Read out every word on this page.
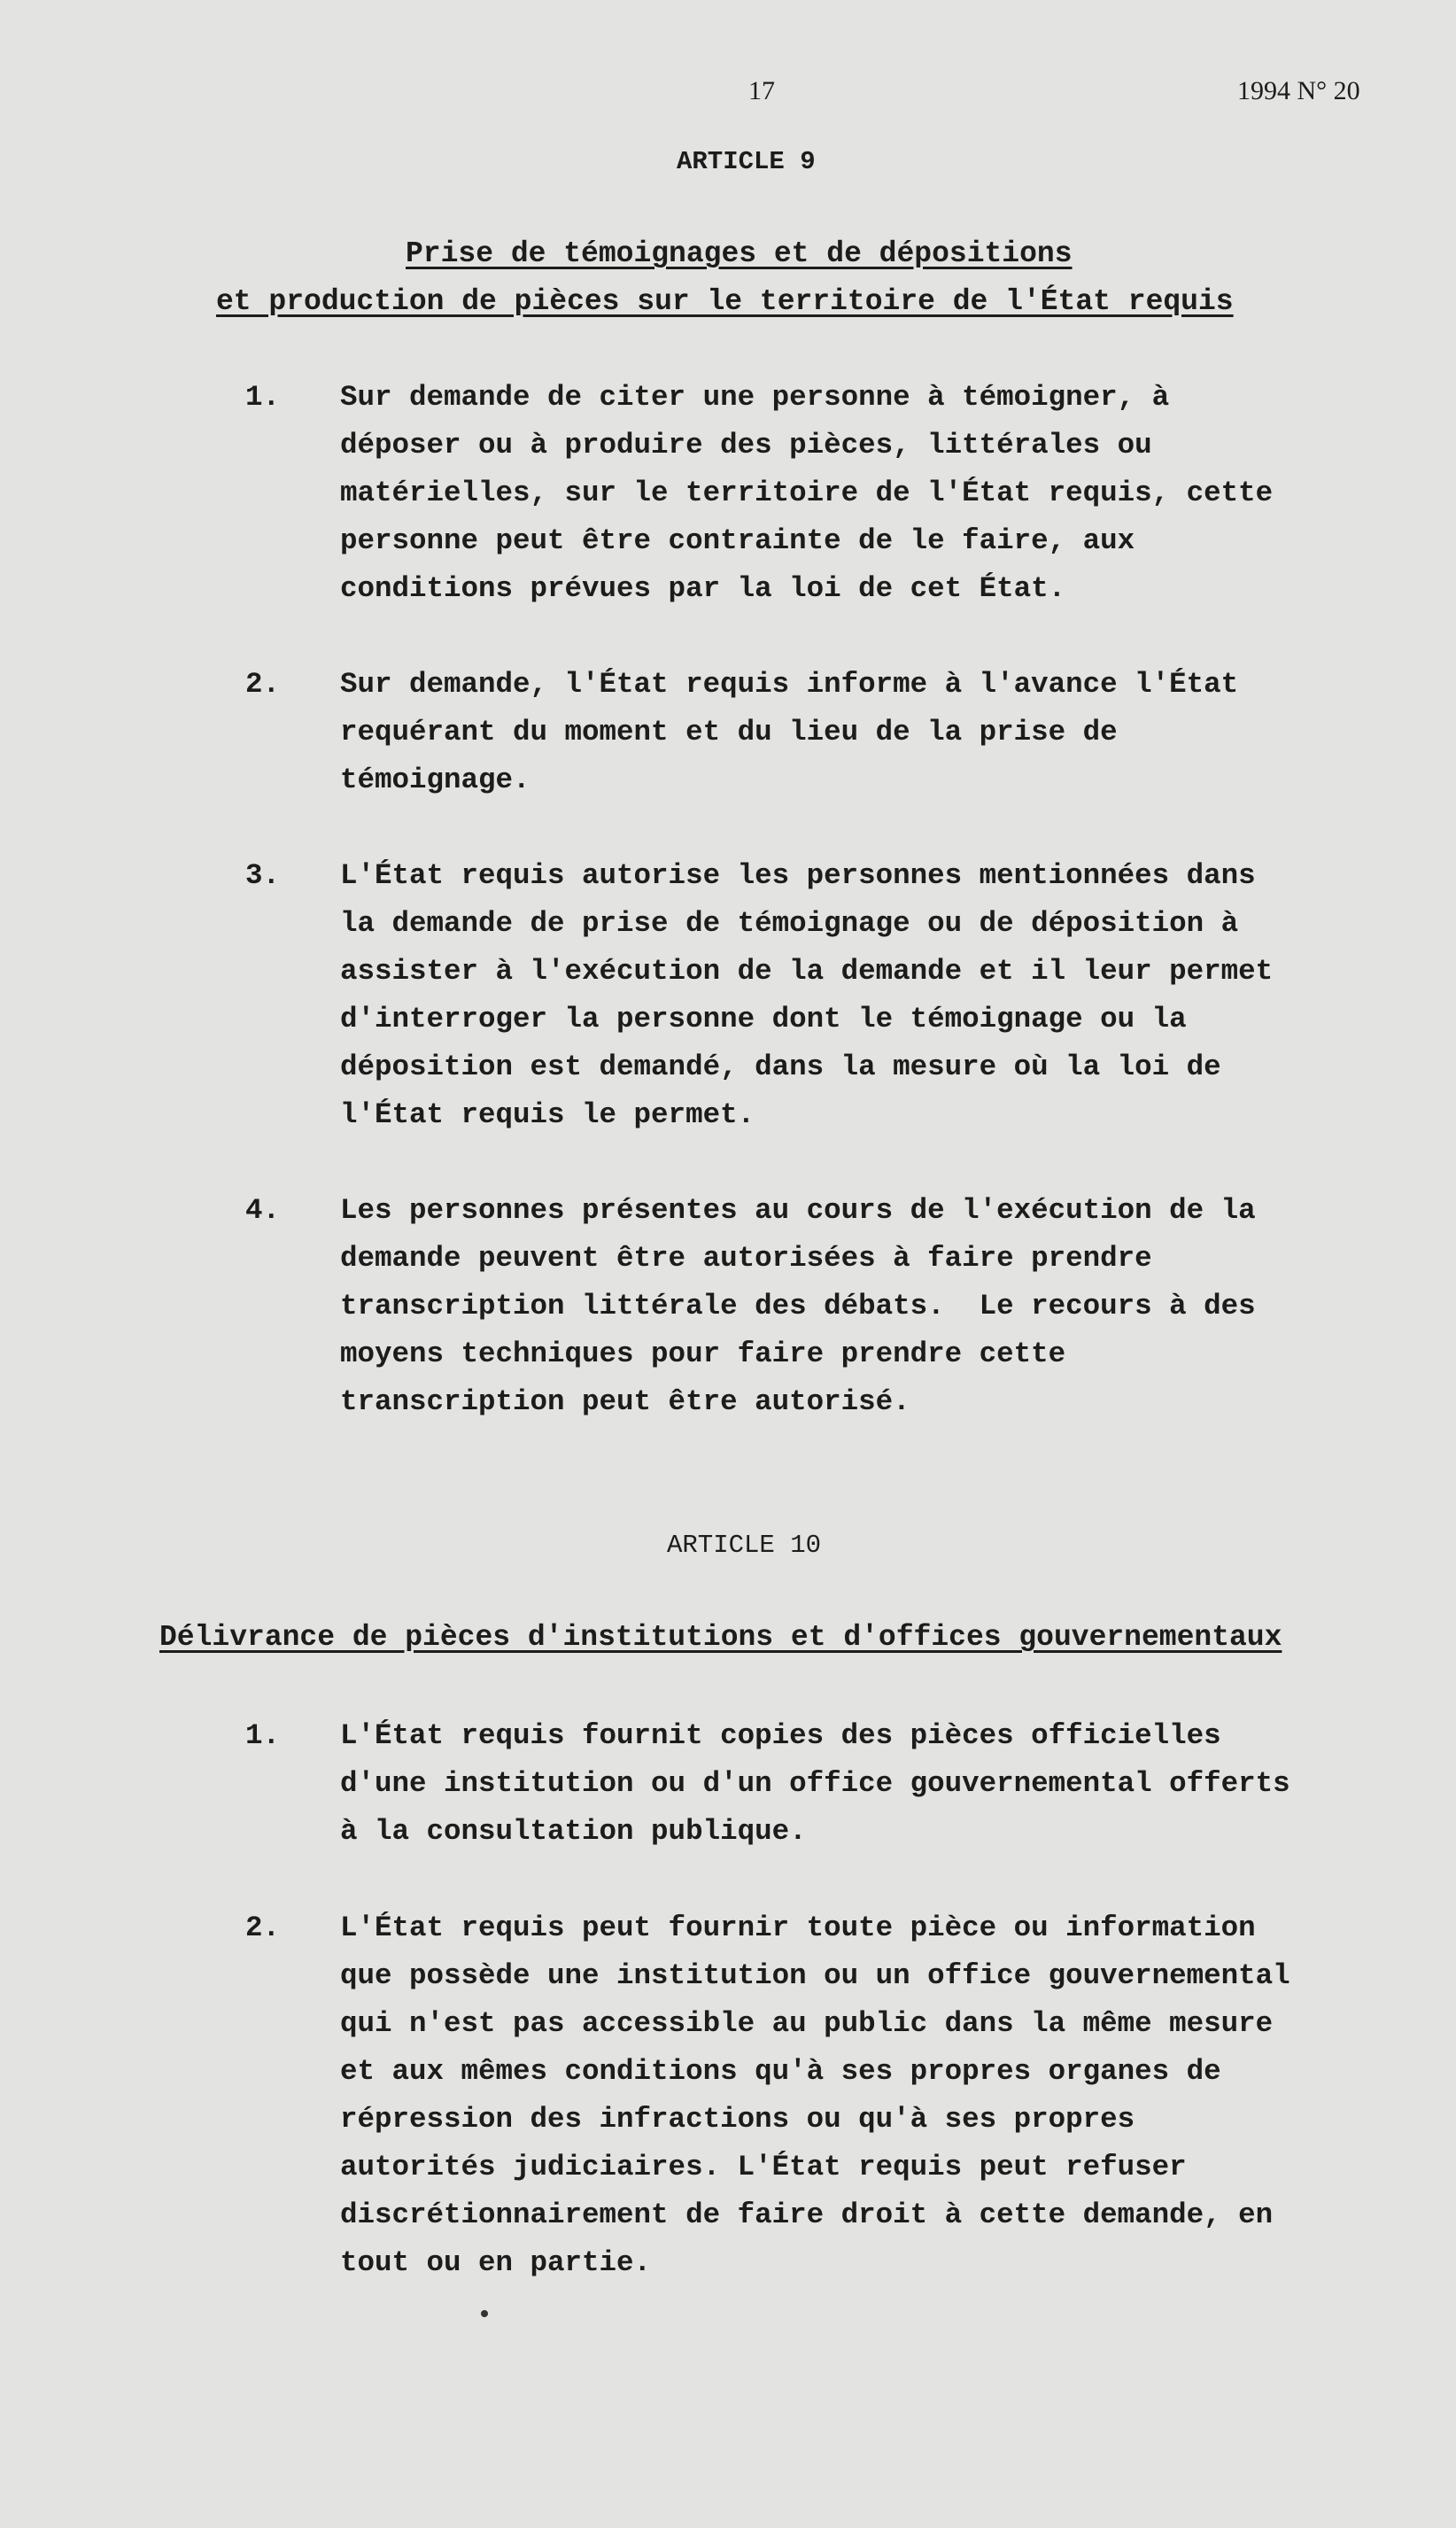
17	1994 N° 20
ARTICLE 9
Prise de témoignages et de dépositions
et production de pièces sur le territoire de l'État requis
1. Sur demande de citer une personne à témoigner, à
déposer ou à produire des pièces, littérales ou
matérielles, sur le territoire de l'État requis, cette
personne peut être contrainte de le faire, aux
conditions prévues par la loi de cet État.
2. Sur demande, l'État requis informe à l'avance l'État
requérant du moment et du lieu de la prise de
témoignage.
3. L'État requis autorise les personnes mentionnées dans
la demande de prise de témoignage ou de déposition à
assister à l'exécution de la demande et il leur permet
d'interroger la personne dont le témoignage ou la
déposition est demandé, dans la mesure où la loi de
l'État requis le permet.
4. Les personnes présentes au cours de l'exécution de la
demande peuvent être autorisées à faire prendre
transcription littérale des débats.  Le recours à des
moyens techniques pour faire prendre cette
transcription peut être autorisé.
ARTICLE 10
Délivrance de pièces d'institutions et d'offices gouvernementaux
1. L'État requis fournit copies des pièces officielles
d'une institution ou d'un office gouvernemental offerts
à la consultation publique.
2. L'État requis peut fournir toute pièce ou information
que possède une institution ou un office gouvernemental
qui n'est pas accessible au public dans la même mesure
et aux mêmes conditions qu'à ses propres organes de
répression des infractions ou qu'à ses propres
autorités judiciaires. L'État requis peut refuser
discrétionnairement de faire droit à cette demande, en
tout ou en partie.
